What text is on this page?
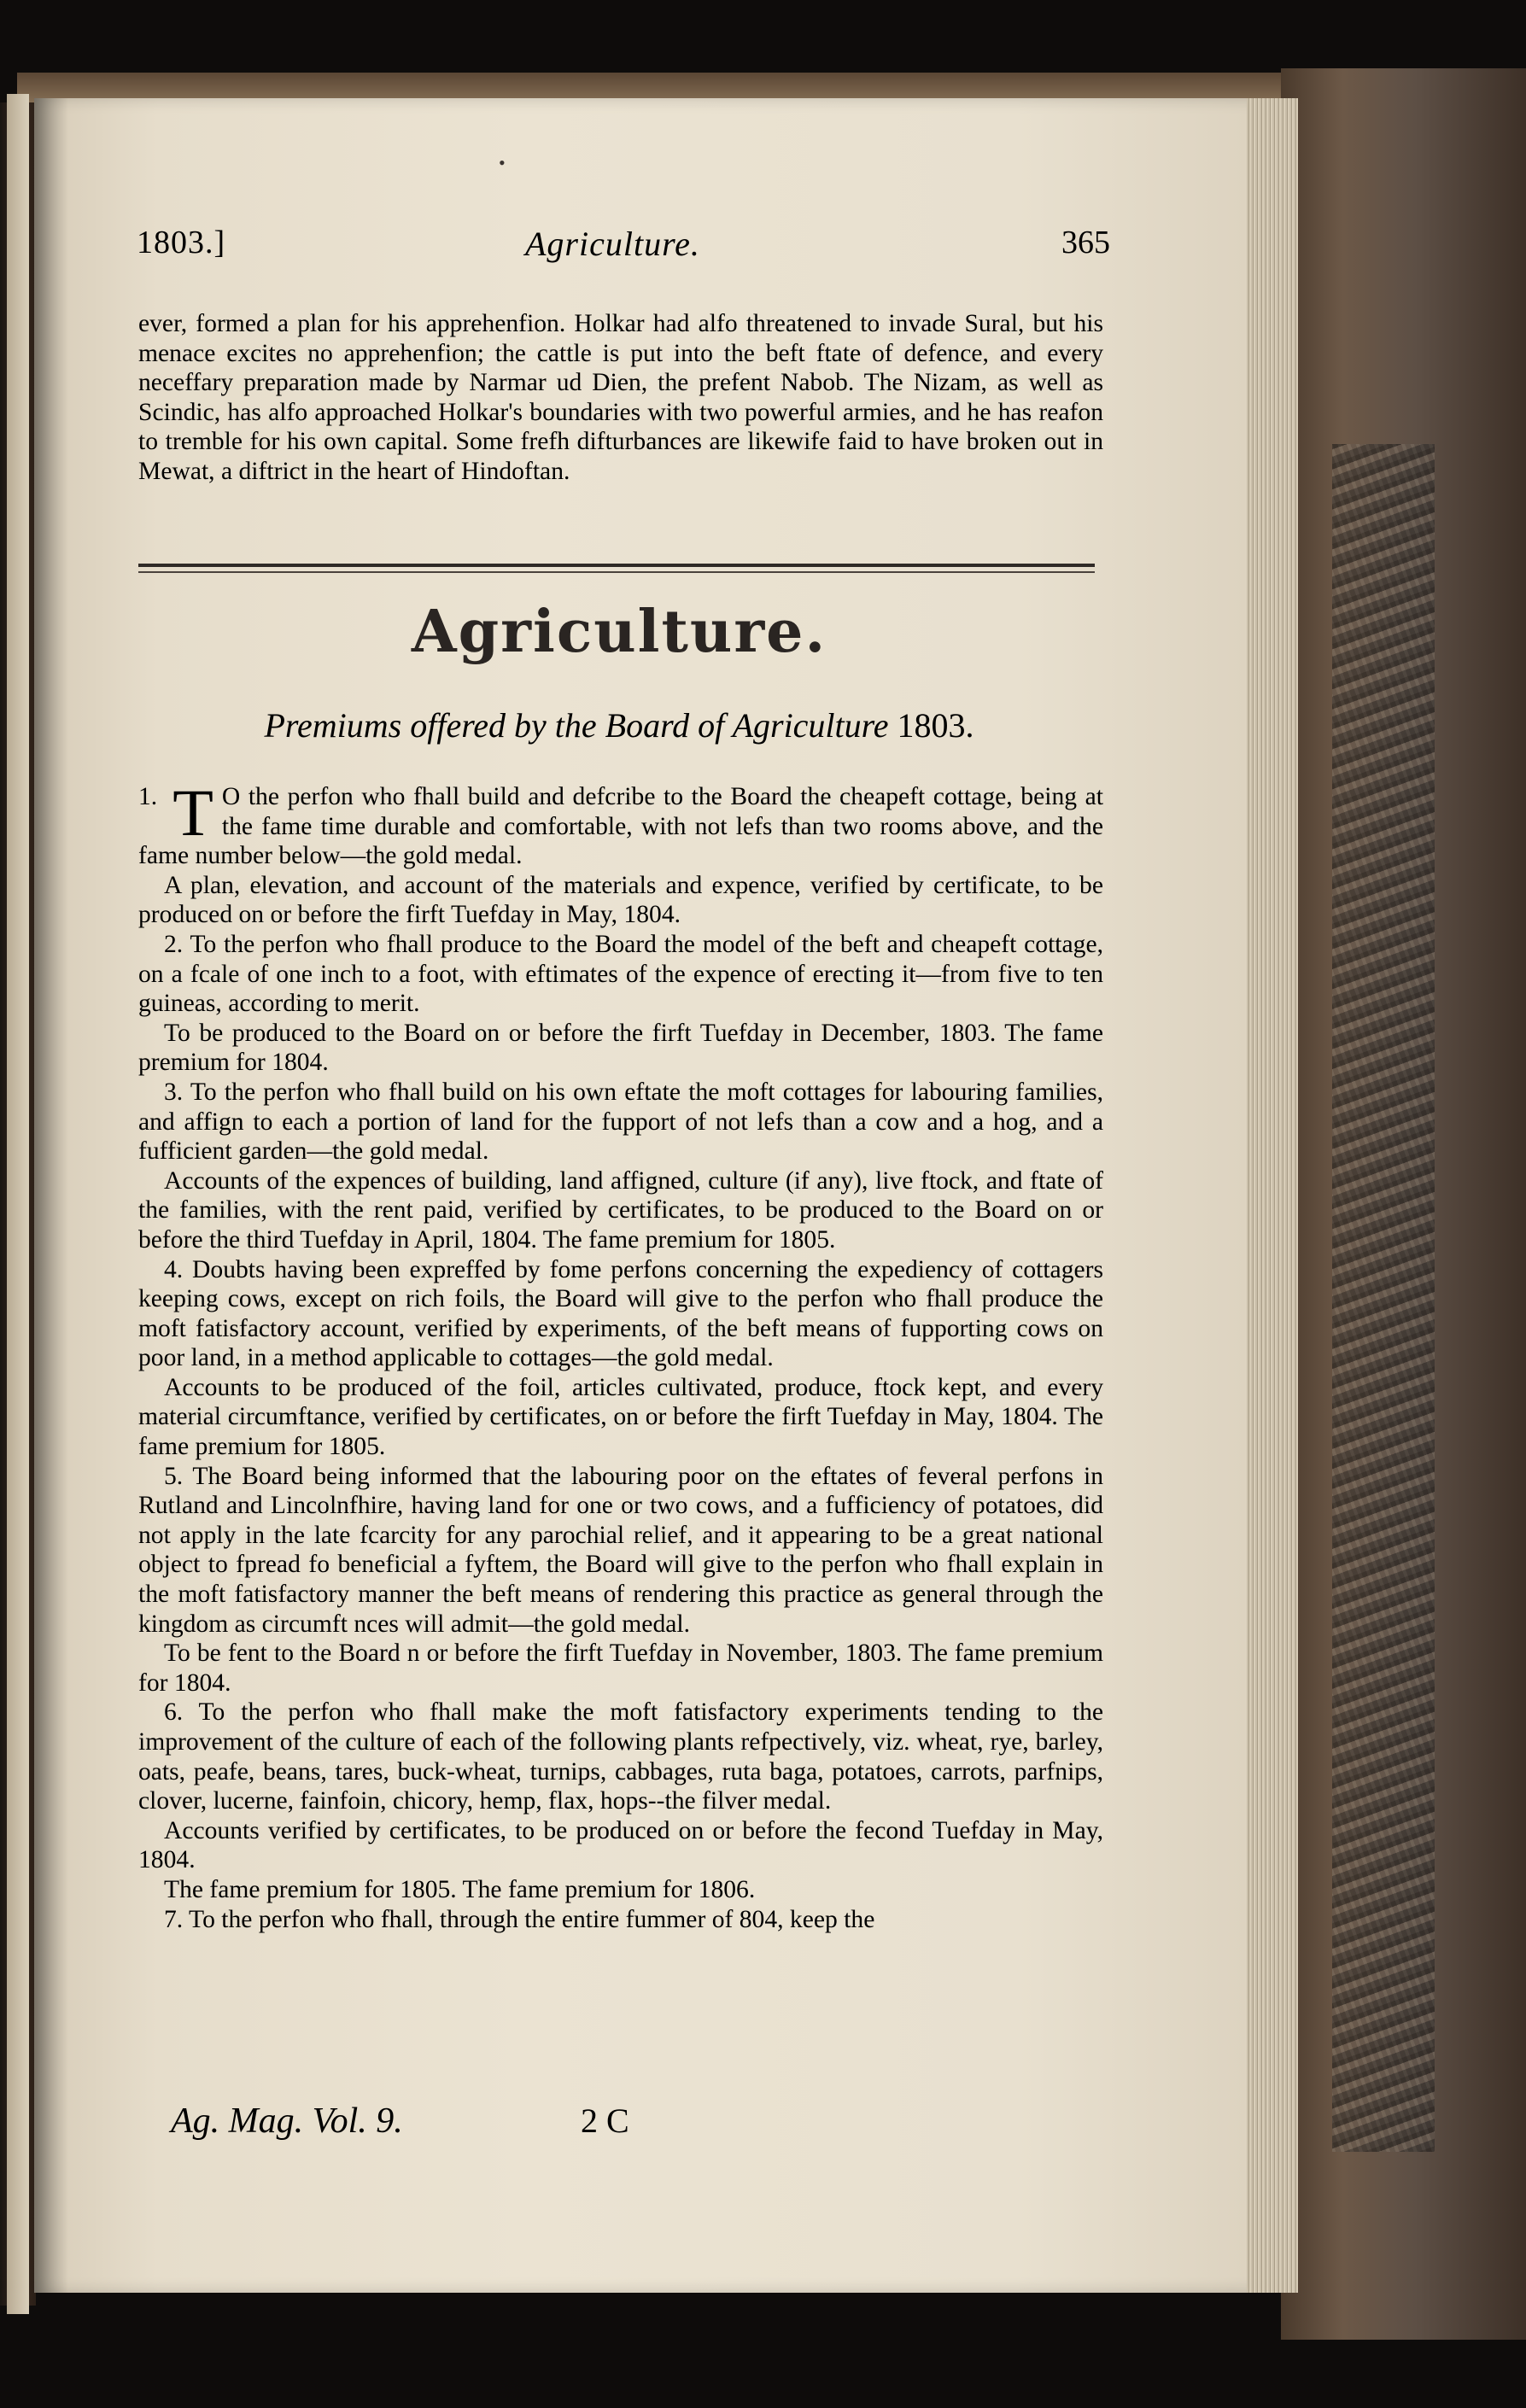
•
1803.]	Agriculture.	365

ever, formed a plan for his apprehenfion. Holkar had alfo threatened to invade Sural, but his menace excites no apprehenfion; the cattle is put into the beft ftate of defence, and every neceffary preparation made by Narmar ud Dien, the prefent Nabob. The Nizam, as well as Scindic, has alfo approached Holkar's boundaries with two powerful armies, and he has reafon to tremble for his own capital. Some frefh difturbances are likewife faid to have broken out in Mewat, a diftrict in the heart of Hindoftan.

Agriculture.
Premiums offered by the Board of Agriculture 1803.

1. T O the perfon who fhall build and defcribe to the Board the cheapeft cottage, being at the fame time durable and comfortable, with not lefs than two rooms above, and the fame number below—the gold medal.

A plan, elevation, and account of the materials and expence, verified by certificate, to be produced on or before the firft Tuefday in May, 1804.

2. To the perfon who fhall produce to the Board the model of the beft and cheapeft cottage, on a fcale of one inch to a foot, with eftimates of the expence of erecting it—from five to ten guineas, according to merit.

To be produced to the Board on or before the firft Tuefday in December, 1803. The fame premium for 1804.

3. To the perfon who fhall build on his own eftate the moft cottages for labouring families, and affign to each a portion of land for the fupport of not lefs than a cow and a hog, and a fufficient garden—the gold medal.

Accounts of the expences of building, land affigned, culture (if any), live ftock, and ftate of the families, with the rent paid, verified by certificates, to be produced to the Board on or before the third Tuefday in April, 1804. The fame premium for 1805.

4. Doubts having been expreffed by fome perfons concerning the expediency of cottagers keeping cows, except on rich foils, the Board will give to the perfon who fhall produce the moft fatisfactory account, verified by experiments, of the beft means of fupporting cows on poor land, in a method applicable to cottages—the gold medal.

Accounts to be produced of the foil, articles cultivated, produce, ftock kept, and every material circumftance, verified by certificates, on or before the firft Tuefday in May, 1804. The fame premium for 1805.

5. The Board being informed that the labouring poor on the eftates of feveral perfons in Rutland and Lincolnfhire, having land for one or two cows, and a fufficiency of potatoes, did not apply in the late fcarcity for any parochial relief, and it appearing to be a great national object to fpread fo beneficial a fyftem, the Board will give to the perfon who fhall explain in the moft fatisfactory manner the beft means of rendering this practice as general through the kingdom as circumft nces will admit—the gold medal.

To be fent to the Board n or before the firft Tuefday in November, 1803. The fame premium for 1804.

6. To the perfon who fhall make the moft fatisfactory experiments tending to the improvement of the culture of each of the following plants refpectively, viz. wheat, rye, barley, oats, peafe, beans, tares, buck-wheat, turnips, cabbages, ruta baga, potatoes, carrots, parfnips, clover, lucerne, fainfoin, chicory, hemp, flax, hops--the filver medal.

Accounts verified by certificates, to be produced on or before the fecond Tuefday in May, 1804.

The fame premium for 1805. The fame premium for 1806.

7. To the perfon who fhall, through the entire fummer of 804, keep the

Ag. Mag. Vol. 9.	2 C
